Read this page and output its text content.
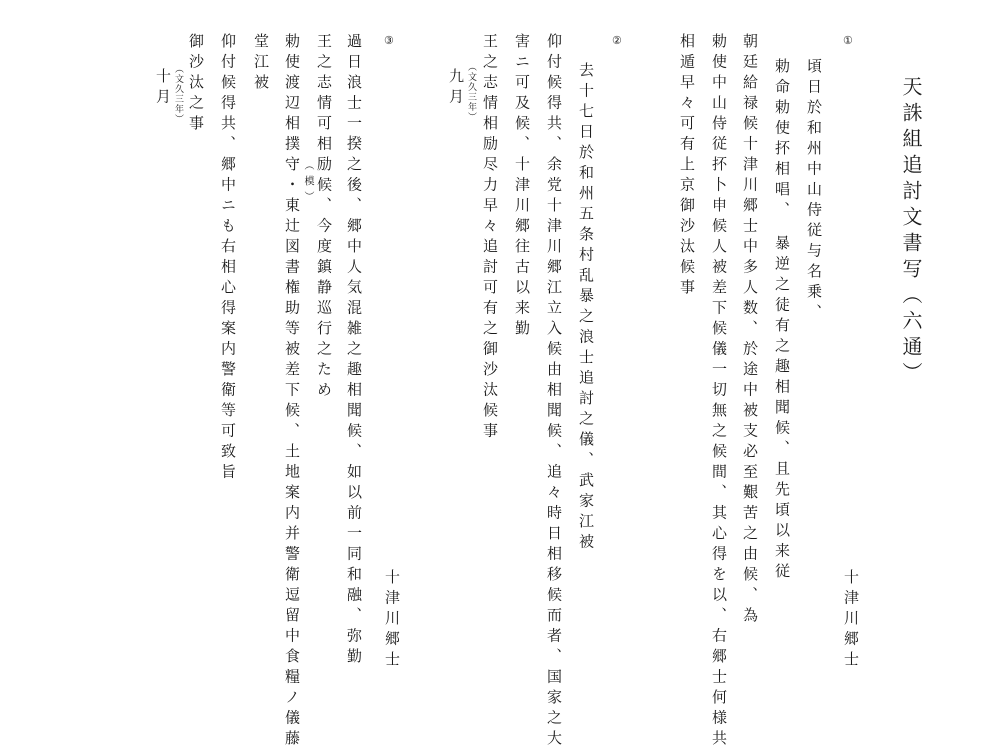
天誅組追討文書写（六通）
①
頃日於和州中山侍従与名乗、
勅命勅使抔相唱、　暴逆之徒有之趣相聞候、且先頃以来従
朝廷給禄候十津川郷士中多人数、於途中被支必至艱苦之由候、為
勅使中山侍従抔卜申候人被差下候儀一切無之候間、其心得を以、右郷士何様共
相遁早々可有上京御沙汰候事
十津川郷士
②
去十七日於和州五条村乱暴之浪士追討之儀、武家江被
仰付候得共、余党十津川郷江立入候由相聞候、追々時日相移候而者、国家之大
害ニ可及候、十津川郷往古以来勤
王之志情相励尽力早々追討可有之御沙汰候事
（文久三年）
九月
③
過日浪士一揆之後、郷中人気混雑之趣相聞候、如以前一同和融、弥勤
王之志情可相励候、今度鎮静巡行之ため
勅使渡辺相撲守・東辻図書権助等被差下候、土地案内并警衛逗留中食糧ノ儀藤 （模）
堂江被
仰付候得共、郷中ニも右相心得案内警衛等可致旨
御沙汰之事
（文久三年）
十月
十津川郷士
